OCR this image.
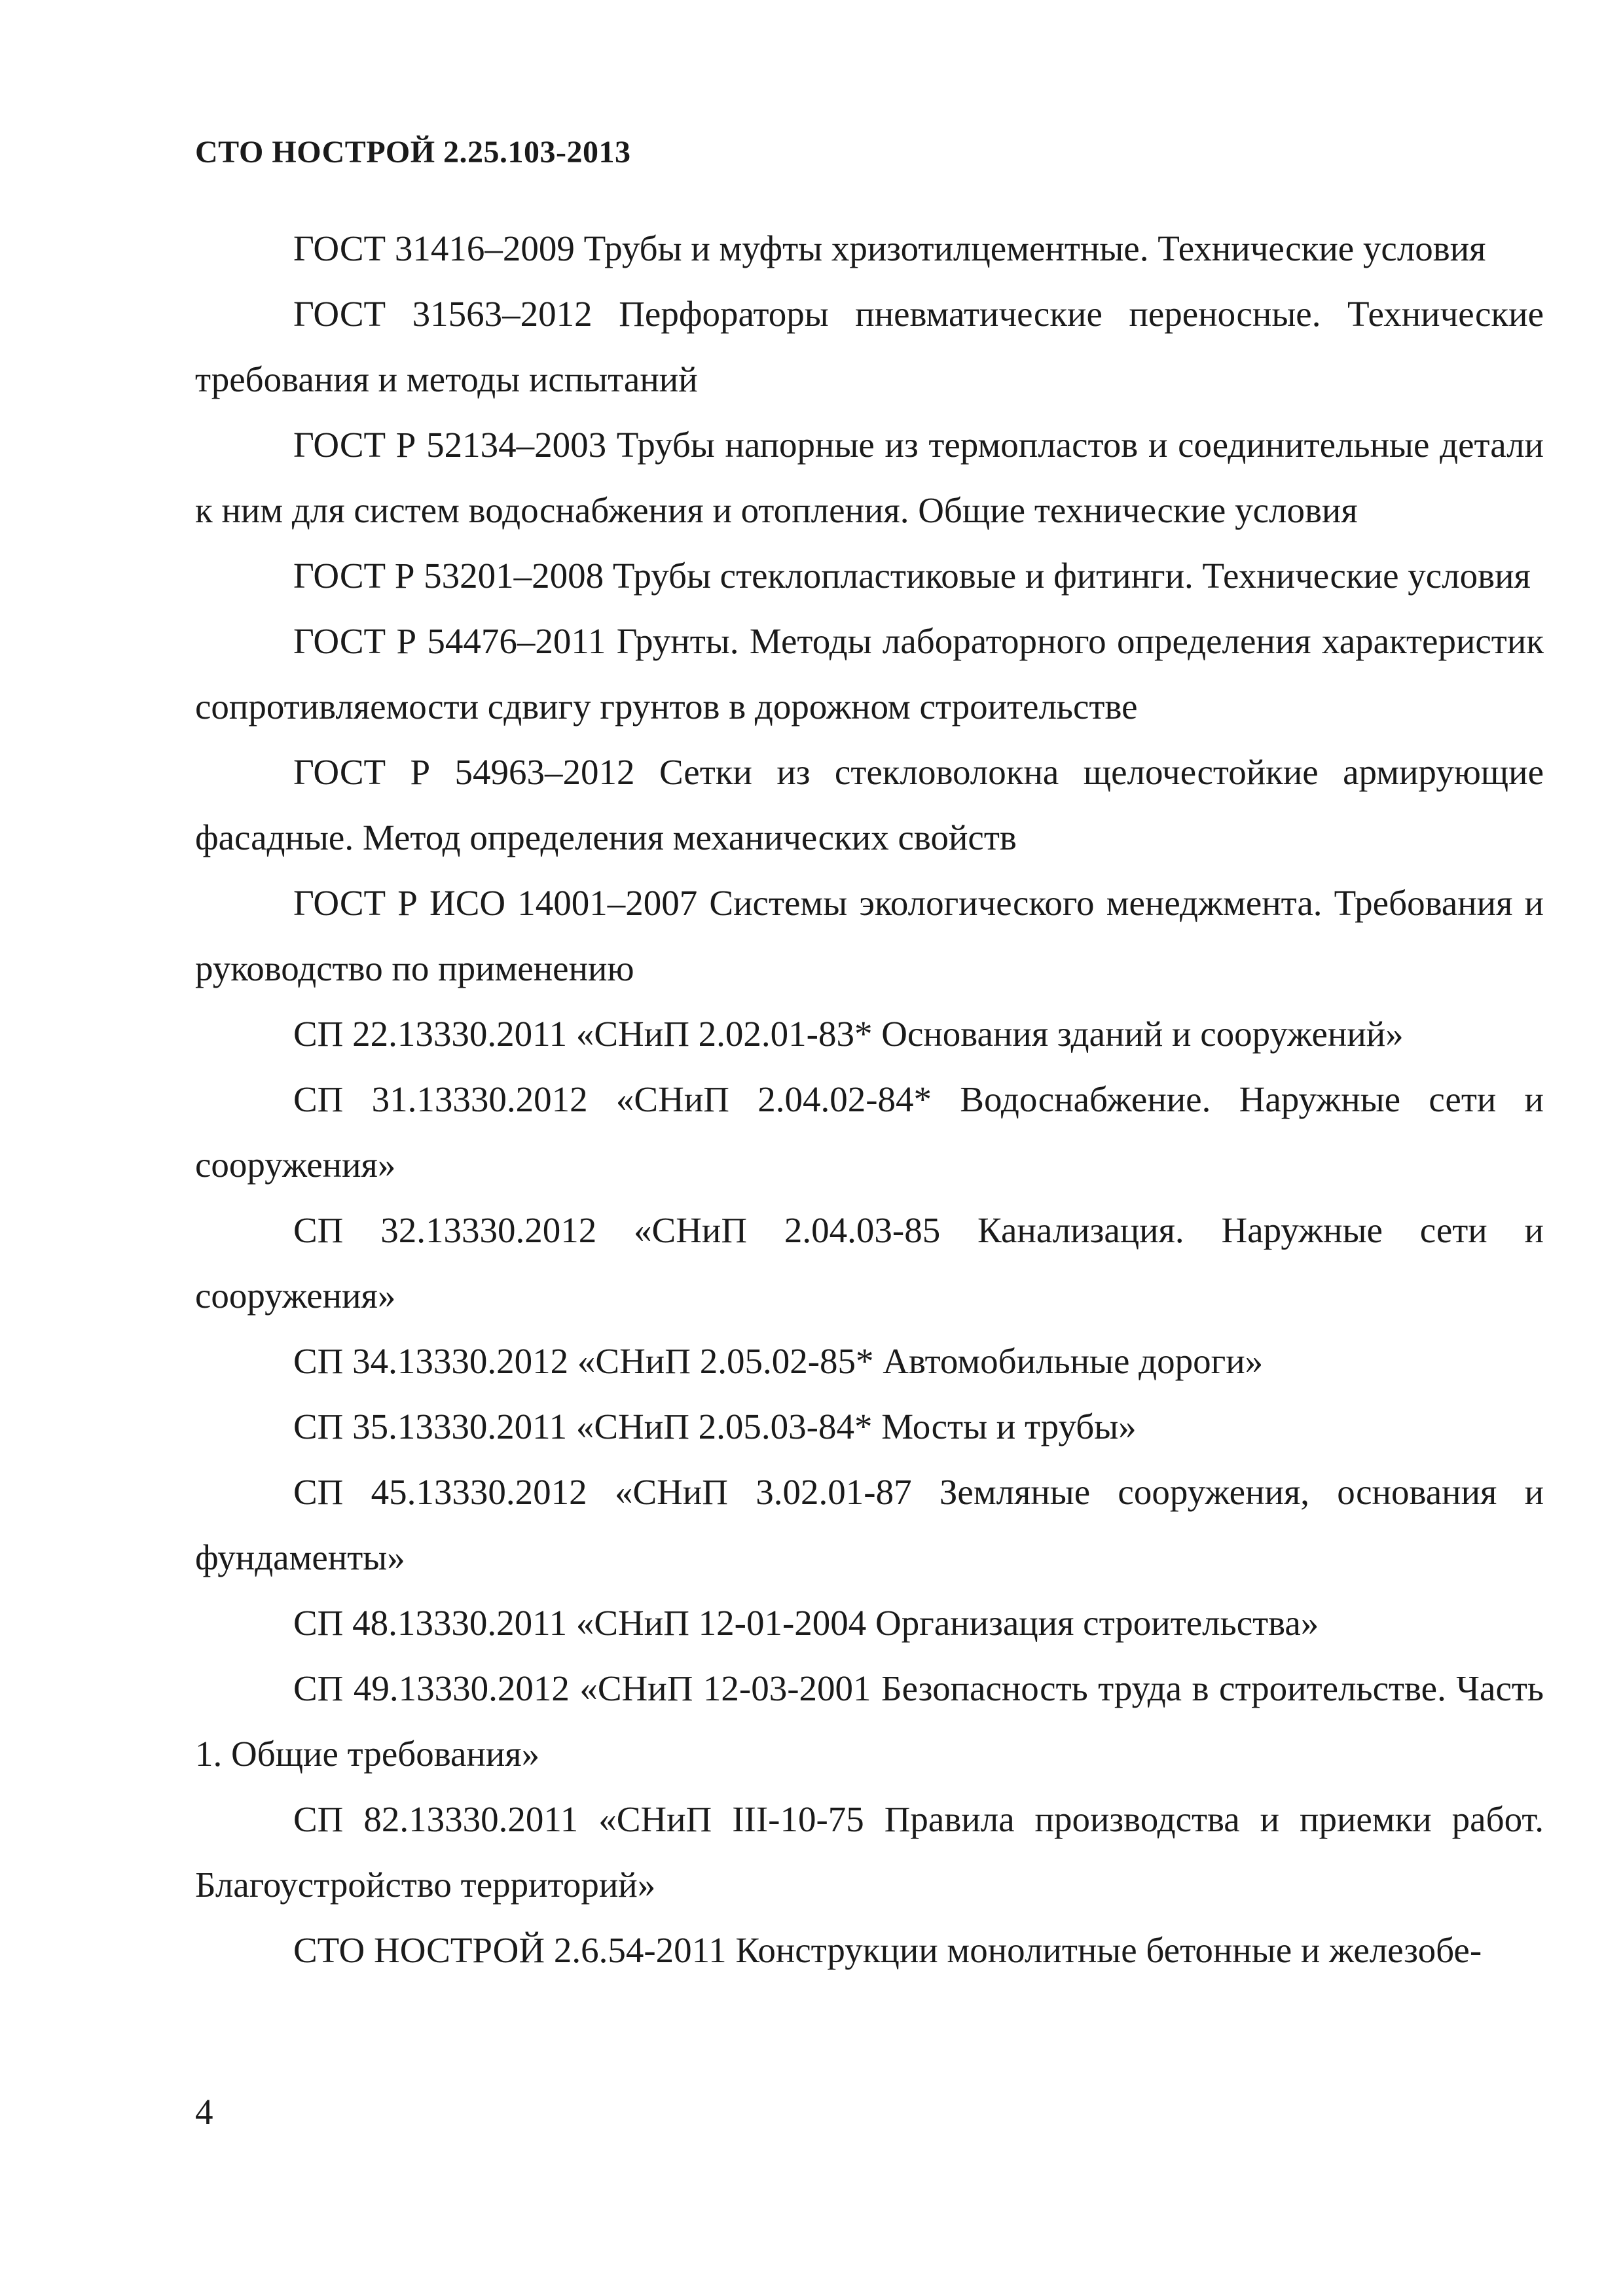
СТО НОСТРОЙ 2.25.103-2013

ГОСТ 31416–2009 Трубы и муфты хризотилцементные. Технические условия

ГОСТ 31563–2012 Перфораторы пневматические переносные. Технические требования и методы испытаний

ГОСТ Р 52134–2003 Трубы напорные из термопластов и соединительные детали к ним для систем водоснабжения и отопления. Общие технические условия

ГОСТ Р 53201–2008 Трубы стеклопластиковые и фитинги. Технические условия

ГОСТ Р 54476–2011 Грунты. Методы лабораторного определения характеристик сопротивляемости сдвигу грунтов в дорожном строительстве

ГОСТ Р 54963–2012 Сетки из стекловолокна щелочестойкие армирующие фасадные. Метод определения механических свойств

ГОСТ Р ИСО 14001–2007 Системы экологического менеджмента. Требования и руководство по применению

СП 22.13330.2011 «СНиП 2.02.01-83* Основания зданий и сооружений»

СП 31.13330.2012 «СНиП 2.04.02-84* Водоснабжение. Наружные сети и сооружения»

СП 32.13330.2012 «СНиП 2.04.03-85 Канализация. Наружные сети и сооружения»

СП 34.13330.2012 «СНиП 2.05.02-85* Автомобильные дороги»

СП 35.13330.2011 «СНиП 2.05.03-84* Мосты и трубы»

СП 45.13330.2012 «СНиП 3.02.01-87 Земляные сооружения, основания и фундаменты»

СП 48.13330.2011 «СНиП 12-01-2004 Организация строительства»

СП 49.13330.2012 «СНиП 12-03-2001 Безопасность труда в строительстве. Часть 1. Общие требования»

СП 82.13330.2011 «СНиП III-10-75 Правила производства и приемки работ. Благоустройство территорий»

СТО НОСТРОЙ 2.6.54-2011 Конструкции монолитные бетонные и железобе-

4
